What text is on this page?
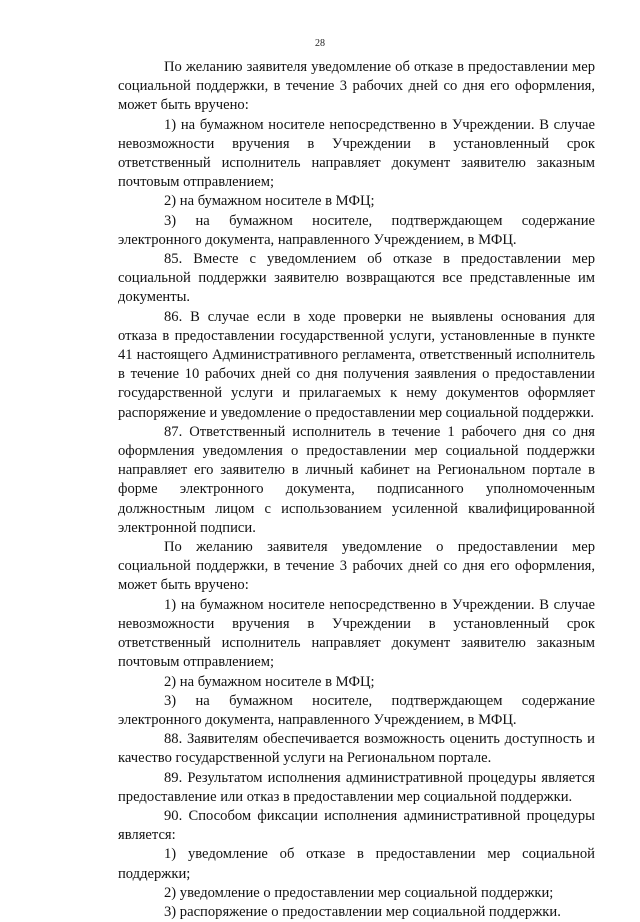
28

По желанию заявителя уведомление об отказе в предоставлении мер социальной поддержки, в течение 3 рабочих дней со дня его оформления, может быть вручено:

1) на бумажном носителе непосредственно в Учреждении. В случае невозможности вручения в Учреждении в установленный срок ответственный исполнитель направляет документ заявителю заказным почтовым отправлением;

2) на бумажном носителе в МФЦ;

3) на бумажном носителе, подтверждающем содержание электронного документа, направленного Учреждением, в МФЦ.

85. Вместе с уведомлением об отказе в предоставлении мер социальной поддержки заявителю возвращаются все представленные им документы.

86. В случае если в ходе проверки не выявлены основания для отказа в предоставлении государственной услуги, установленные в пункте 41 настоящего Административного регламента, ответственный исполнитель в течение 10 рабочих дней со дня получения заявления о предоставлении государственной услуги и прилагаемых к нему документов оформляет распоряжение и уведомление о предоставлении мер социальной поддержки.

87. Ответственный исполнитель в течение 1 рабочего дня со дня оформления уведомления о предоставлении мер социальной поддержки направляет его заявителю в личный кабинет на Региональном портале в форме электронного документа, подписанного уполномоченным должностным лицом с использованием усиленной квалифицированной электронной подписи.

По желанию заявителя уведомление о предоставлении мер социальной поддержки, в течение 3 рабочих дней со дня его оформления, может быть вручено:

1) на бумажном носителе непосредственно в Учреждении. В случае невозможности вручения в Учреждении в установленный срок ответственный исполнитель направляет документ заявителю заказным почтовым отправлением;

2) на бумажном носителе в МФЦ;

3) на бумажном носителе, подтверждающем содержание электронного документа, направленного Учреждением, в МФЦ.

88. Заявителям обеспечивается возможность оценить доступность и качество государственной услуги на Региональном портале.

89. Результатом исполнения административной процедуры является предоставление или отказ в предоставлении мер социальной поддержки.

90. Способом фиксации исполнения административной процедуры является:

1) уведомление об отказе в предоставлении мер социальной поддержки;

2) уведомление о предоставлении мер социальной поддержки;

3) распоряжение о предоставлении мер социальной поддержки.
